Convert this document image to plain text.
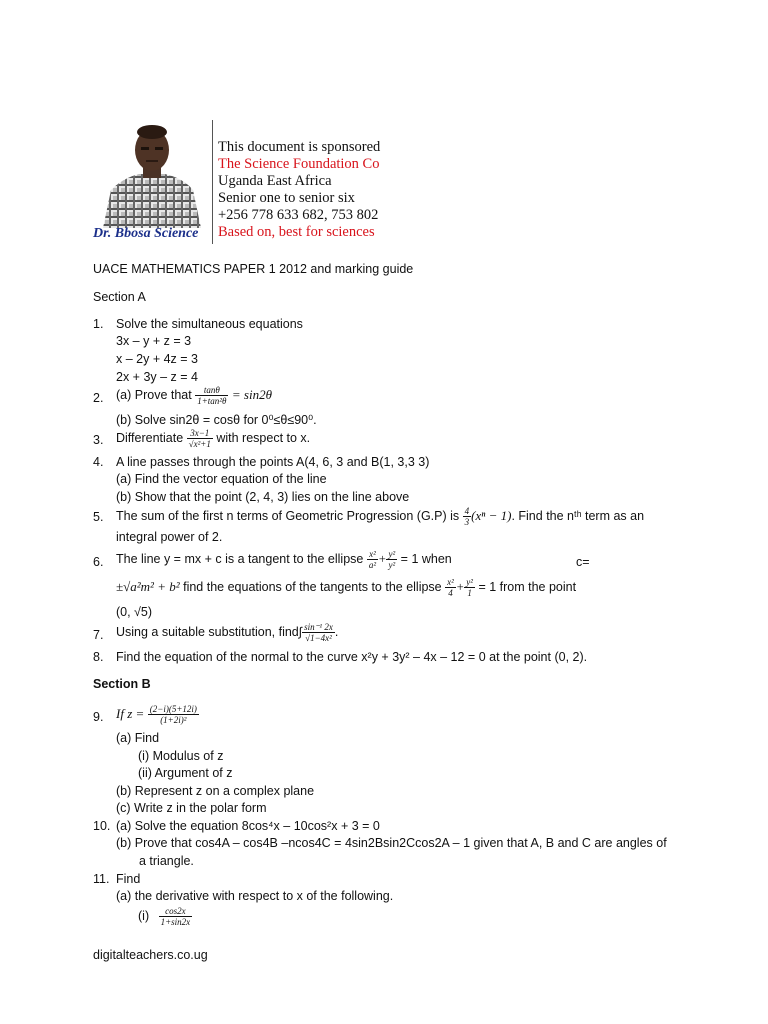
Dr. Bbosa Science
This document is sponsored
The Science Foundation Co
Uganda East Africa
Senior one to senior six
+256 778 633 682, 753 802
Based on, best for sciences
UACE MATHEMATICS PAPER 1 2012 and marking guide
Section A
1. Solve the simultaneous equations
3x – y + z = 3
x – 2y + 4z = 3
2x + 3y – z = 4
2. (a) Prove that $\frac{\tan\theta}{\text{1+tan²θ}} = \sin 2\theta$
(b) Solve sin2θ = cosθ for 0⁰≤θ≤90⁰.
3. Differentiate $\frac{3x-1}{\text{√x²+1}}$ with respect to x.
4. A line passes through the points A(4, 6, 3 and B(1, 3,3 3)
(a) Find the vector equation of the line
(b) Show that the point (2, 4, 3) lies on the line above
5. The sum of the first n terms of Geometric Progression (G.P) is $\frac{4}{3} (x^n - 1)$. Find the nᵗʰ term as an
integral power of 2.
6. The line y = mx + c is a tangent to the ellipse $\frac{\text{x²}}{\text{a²}} + \frac{\text{y²}}{\text{y²}} = 1$ when	c=
±√a²m² + b² find the equations of the tangents to the ellipse $\frac{\text{x²}}{4} + \frac{\text{y²}}{1} = 1$ from the point
(0, √5)
7. Using a suitable substitution, find∫ $\frac{\text{sin⁻¹ 2x}}{\text{√1−4x²}}$ .
8. Find the equation of the normal to the curve x²y + 3y² – 4x – 12 = 0 at the point (0, 2).
Section B
9. If $z = \frac{(2-i)(5+12i)}{\text{(1+2i)²}}$
(a) Find
(i) Modulus of z
(ii) Argument of z
(b) Represent z on a complex plane
(c) Write z in the polar form
10. (a) Solve the equation 8cos⁴x – 10cos²x + 3 = 0
(b) Prove that cos4A – cos4B –ncos4C = 4sin2Bsin2Ccos2A – 1 given that A, B and C are angles of
a triangle.
11. Find
(a) the derivative with respect to x of the following.
$(i) \frac{\cos 2x}{1+\sin 2x}$
digitalteachers.co.ug
